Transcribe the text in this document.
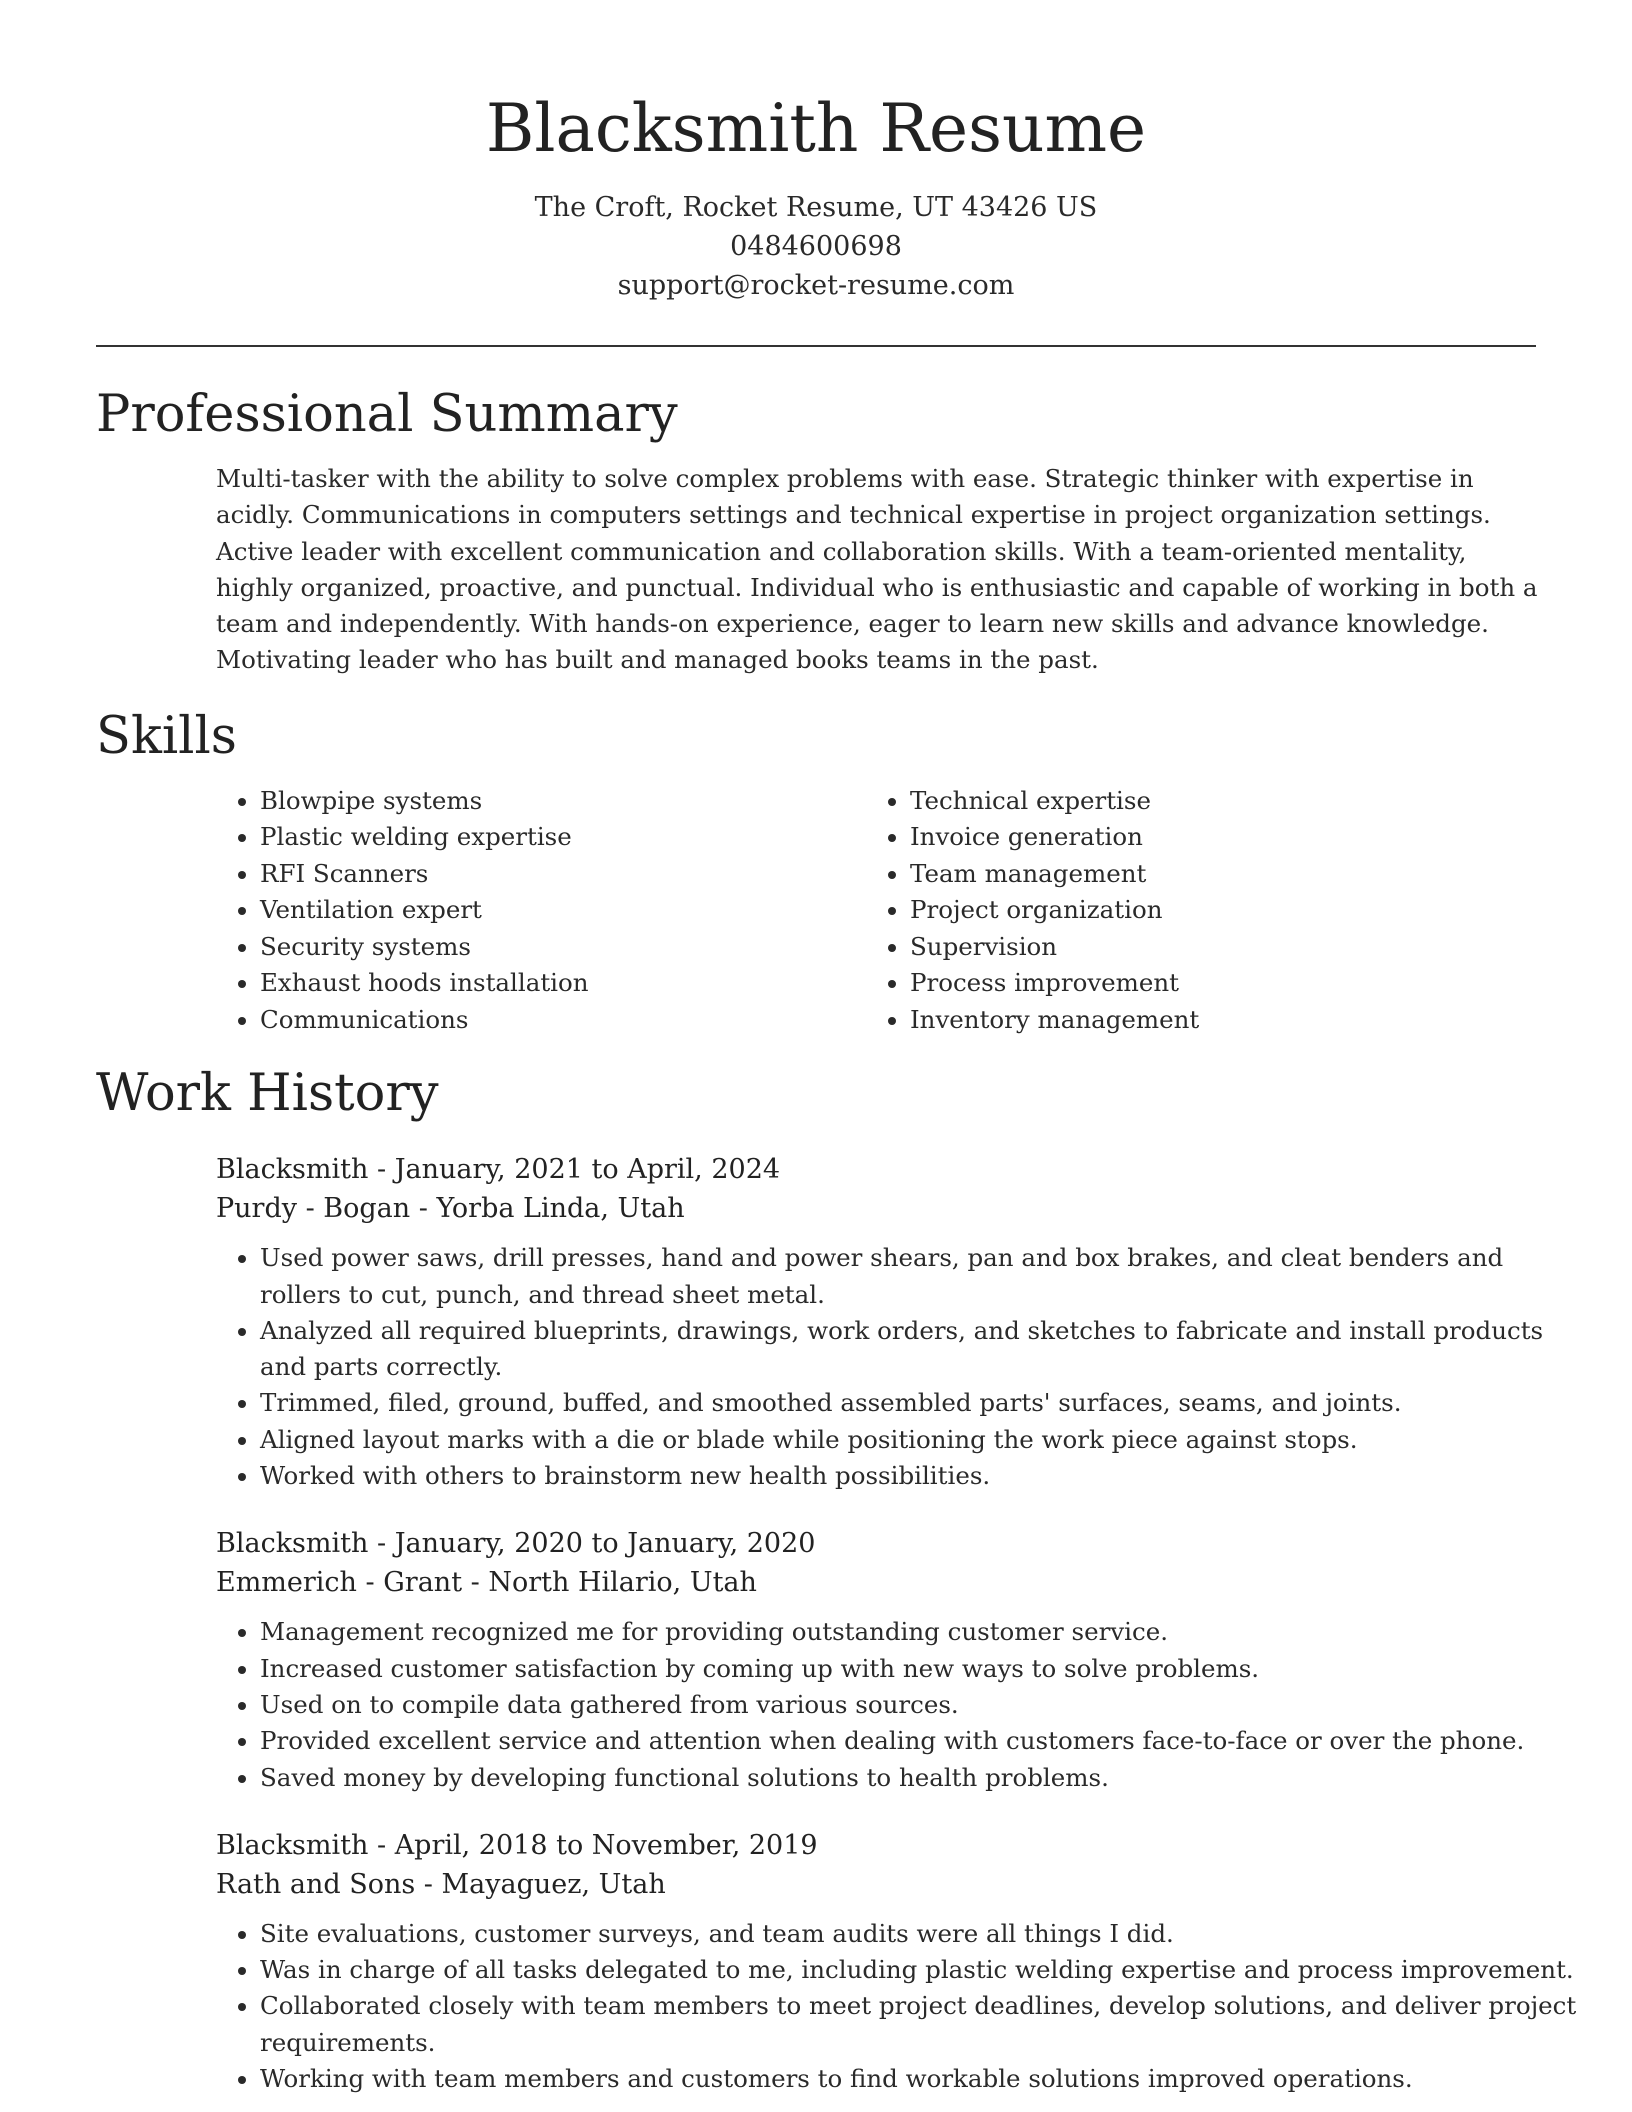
Blacksmith Resume
The Croft, Rocket Resume, UT 43426 US
0484600698
support@rocket-resume.com
Professional Summary

Multi-tasker with the ability to solve complex problems with ease. Strategic thinker with expertise in acidly. Communications in computers settings and technical expertise in project organization settings. Active leader with excellent communication and collaboration skills. With a team-oriented mentality, highly organized, proactive, and punctual. Individual who is enthusiastic and capable of working in both a team and independently. With hands-on experience, eager to learn new skills and advance knowledge. Motivating leader who has built and managed books teams in the past.

Skills
• Blowpipe systems
• Plastic welding expertise
• RFI Scanners
• Ventilation expert
• Security systems
• Exhaust hoods installation
• Communications
• Technical expertise
• Invoice generation
• Team management
• Project organization
• Supervision
• Process improvement
• Inventory management
Work History
Blacksmith - January, 2021 to April, 2024
Purdy - Bogan - Yorba Linda, Utah
• Used power saws, drill presses, hand and power shears, pan and box brakes, and cleat benders and rollers to cut, punch, and thread sheet metal.
• Analyzed all required blueprints, drawings, work orders, and sketches to fabricate and install products and parts correctly.
• Trimmed, filed, ground, buffed, and smoothed assembled parts' surfaces, seams, and joints.
• Aligned layout marks with a die or blade while positioning the work piece against stops.
• Worked with others to brainstorm new health possibilities.
Blacksmith - January, 2020 to January, 2020
Emmerich - Grant - North Hilario, Utah
• Management recognized me for providing outstanding customer service.
• Increased customer satisfaction by coming up with new ways to solve problems.
• Used on to compile data gathered from various sources.
• Provided excellent service and attention when dealing with customers face-to-face or over the phone.
• Saved money by developing functional solutions to health problems.
Blacksmith - April, 2018 to November, 2019
Rath and Sons - Mayaguez, Utah
• Site evaluations, customer surveys, and team audits were all things I did.
• Was in charge of all tasks delegated to me, including plastic welding expertise and process improvement.
• Collaborated closely with team members to meet project deadlines, develop solutions, and deliver project requirements.
• Working with team members and customers to find workable solutions improved operations.
